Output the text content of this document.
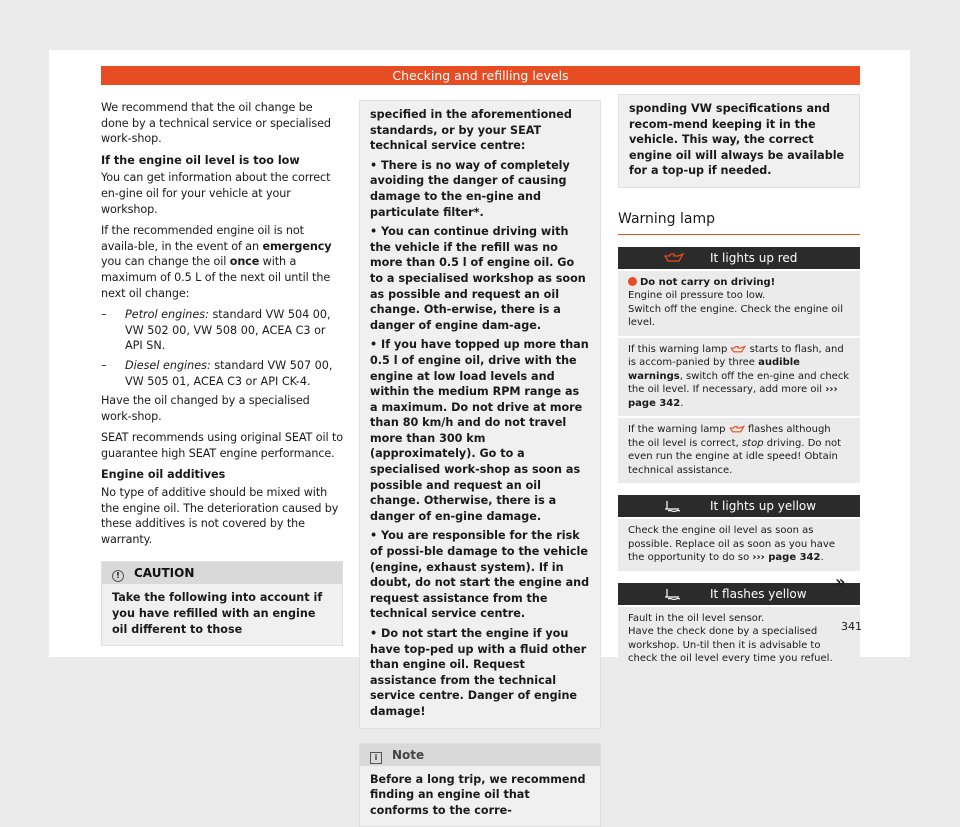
Checking and refilling levels

We recommend that the oil change be done by a technical service or specialised work-shop.

If the engine oil level is too low

You can get information about the correct en-gine oil for your vehicle at your workshop.

If the recommended engine oil is not availa-ble, in the event of an emergency you can change the oil once with a maximum of 0.5 L of the next oil until the next oil change:

– Petrol engines: standard VW 504 00, VW 502 00, VW 508 00, ACEA C3 or API SN.
– Diesel engines: standard VW 507 00, VW 505 01, ACEA C3 or API CK-4.

Have the oil changed by a specialised work-shop.

SEAT recommends using original SEAT oil to guarantee high SEAT engine performance.

Engine oil additives

No type of additive should be mixed with the engine oil. The deterioration caused by these additives is not covered by the warranty.

! CAUTION
Take the following into account if you have refilled with an engine oil different to those

specified in the aforementioned standards, or by your SEAT technical service centre:

• There is no way of completely avoiding the danger of causing damage to the en-gine and particulate filter*.

• You can continue driving with the vehicle if the refill was no more than 0.5 l of engine oil. Go to a specialised workshop as soon as possible and request an oil change. Oth-erwise, there is a danger of engine dam-age.

• If you have topped up more than 0.5 l of engine oil, drive with the engine at low load levels and within the medium RPM range as a maximum. Do not drive at more than 80 km/h and do not travel more than 300 km (approximately). Go to a specialised work-shop as soon as possible and request an oil change. Otherwise, there is a danger of en-gine damage.

• You are responsible for the risk of possi-ble damage to the vehicle (engine, exhaust system). If in doubt, do not start the engine and request assistance from the technical service centre.

• Do not start the engine if you have top-ped up with a fluid other than engine oil. Request assistance from the technical service centre. Danger of engine damage!

i Note
Before a long trip, we recommend finding an engine oil that conforms to the corre-
sponding VW specifications and recom-mend keeping it in the vehicle. This way, the correct engine oil will always be available for a top-up if needed.
Warning lamp
It lights up red
Do not carry on driving!
Engine oil pressure too low.
Switch off the engine. Check the engine oil level.
If this warning lamp  starts to flash, and is accom-panied by three audible warnings, switch off the en-gine and check the oil level. If necessary, add more oil ››› page 342.
If the warning lamp  flashes although the oil level is correct, stop driving. Do not even run the engine at idle speed! Obtain technical assistance.
It lights up yellow
Check the engine oil level as soon as possible. Replace oil as soon as you have the opportunity to do so ››› page 342.
It flashes yellow
Fault in the oil level sensor.
Have the check done by a specialised workshop. Un-til then it is advisable to check the oil level every time you refuel.
»
341
